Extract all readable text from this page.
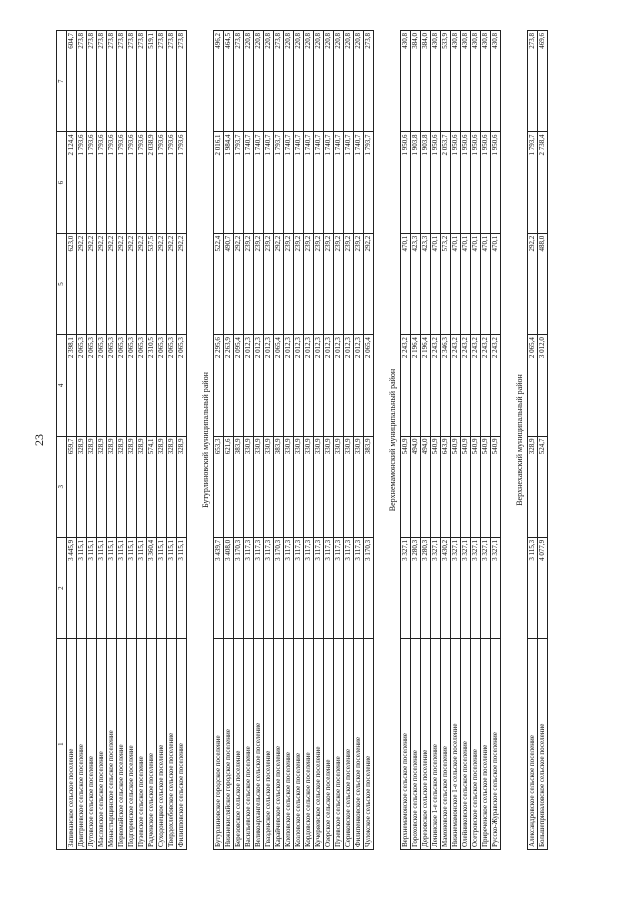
23
1	2	3	4	5	6	7
Запиманское сельское поселение	3 445,9	659,7	2 398,1	623,0	2 124,4	604,7
Дмитриевское сельское поселение	3 115,1	328,9	2 065,3	292,2	1 793,6	273,8
Лутовское сельское поселение	3 115,1	328,9	2 065,3	292,2	1 793,6	273,8
Масловское сельское поселение	3 115,1	328,9	2 065,3	292,2	1 793,6	273,8
Монастырщинское сельское поселение	3 115,1	328,9	2 065,3	292,2	1 793,6	273,8
Первомайское сельское поселение	3 115,1	328,9	2 065,3	292,2	1 793,6	273,8
Подгоренское сельское поселение	3 115,1	328,9	2 065,3	292,2	1 793,6	273,8
Пузевское сельское поселение	3 115,1	328,9	2 065,3	292,2	1 793,6	273,8
Радченское сельское поселение	3 360,4	574,1	2 310,5	537,5	2 038,9	519,1
Суходонецкое сельское поселение	3 115,1	328,9	2 065,3	292,2	1 793,6	273,8
Твердохлебовское сельское поселение	3 115,1	328,9	2 065,3	292,2	1 793,6	273,8
Филипповское сельское поселение	3 115,1	328,9	2 065,3	292,2	1 793,6	273,8

Бутурлиновский муниципальный район						
Бутурлиновское городское поселение	3 439,7	653,3	2 295,6	522,4	2 016,1	496,2
Нижнекисляйское городское поселение	3 408,0	621,6	2 263,9	490,7	1 984,4	464,5
Березовское сельское поселение	3 170,3	383,9	2 095,4	292,2	1 793,7	273,8
Васильевское сельское поселение	3 117,3	330,9	2 012,3	239,2	1 740,7	220,8
Великоархангельское сельское поселение	3 117,3	330,9	2 012,3	239,2	1 740,7	220,8
Гвазденское сельское поселение	3 117,3	330,9	2 012,3	239,2	1 740,7	220,8
Карайчевское сельское поселение	3 170,3	383,9	2 065,4	292,2	1 793,7	273,8
Клеповское сельское поселение	3 117,3	330,9	2 012,3	239,2	1 740,7	220,8
Козловское сельское поселение	3 117,3	330,9	2 012,3	239,2	1 740,7	220,8
Кордовское сельское поселение	3 117,3	330,9	2 012,3	239,2	1 740,7	220,8
Кучеряевское сельское поселение	3 117,3	330,9	2 012,3	239,2	1 740,7	220,8
Озерское сельское поселение	3 117,3	330,9	2 012,3	239,2	1 740,7	220,8
Пузевское сельское поселение	3 117,3	330,9	2 012,3	239,2	1 740,7	220,8
Сериковское сельское поселение	3 117,3	330,9	2 012,3	239,2	1 740,7	220,8
Филипенковское сельское поселение	3 117,3	330,9	2 012,3	239,2	1 740,7	220,8
Чулокское сельское поселение	3 170,3	383,9	2 065,4	292,2	1 793,7	273,8

Верхнемамонский муниципальный район						
Верхнемамонское сельское поселение	3 327,1	540,9	2 243,2	470,1	1 950,6	430,8
Гороховское сельское поселение	3 280,3	494,0	2 196,4	423,3	1 903,8	384,0
Дерезовское сельское поселение	3 280,3	494,0	2 196,4	423,3	1 903,8	384,0
Ленинское 1-е сельское поселение	3 327,1	540,9	2 243,2	470,1	1 950,6	430,8
Мамоновское сельское поселение	3 430,2	643,9	2 346,3	573,2	2 053,7	533,9
Нижнемамонское 1-е сельское поселение	3 327,1	540,9	2 243,2	470,1	1 950,6	430,8
Олейниковское сельское поселение	3 327,1	540,9	2 243,2	470,1	1 950,6	430,8
Осетровское сельское поселение	3 327,1	540,9	2 243,2	470,1	1 950,6	430,8
Приреченское сельское поселение	3 327,1	540,9	2 243,2	470,1	1 950,6	430,8
Русско-Журавское сельское поселение	3 327,1	540,9	2 243,2	470,1	1 950,6	430,8

Верхнехавский муниципальный район						
Александровское сельское поселение	3 115,3	328,9	2 065,4	292,2	1 793,7	273,8
Большеприваловское сельское поселение	4 077,9	524,7	3 012,0	488,0	2 738,4	469,6
